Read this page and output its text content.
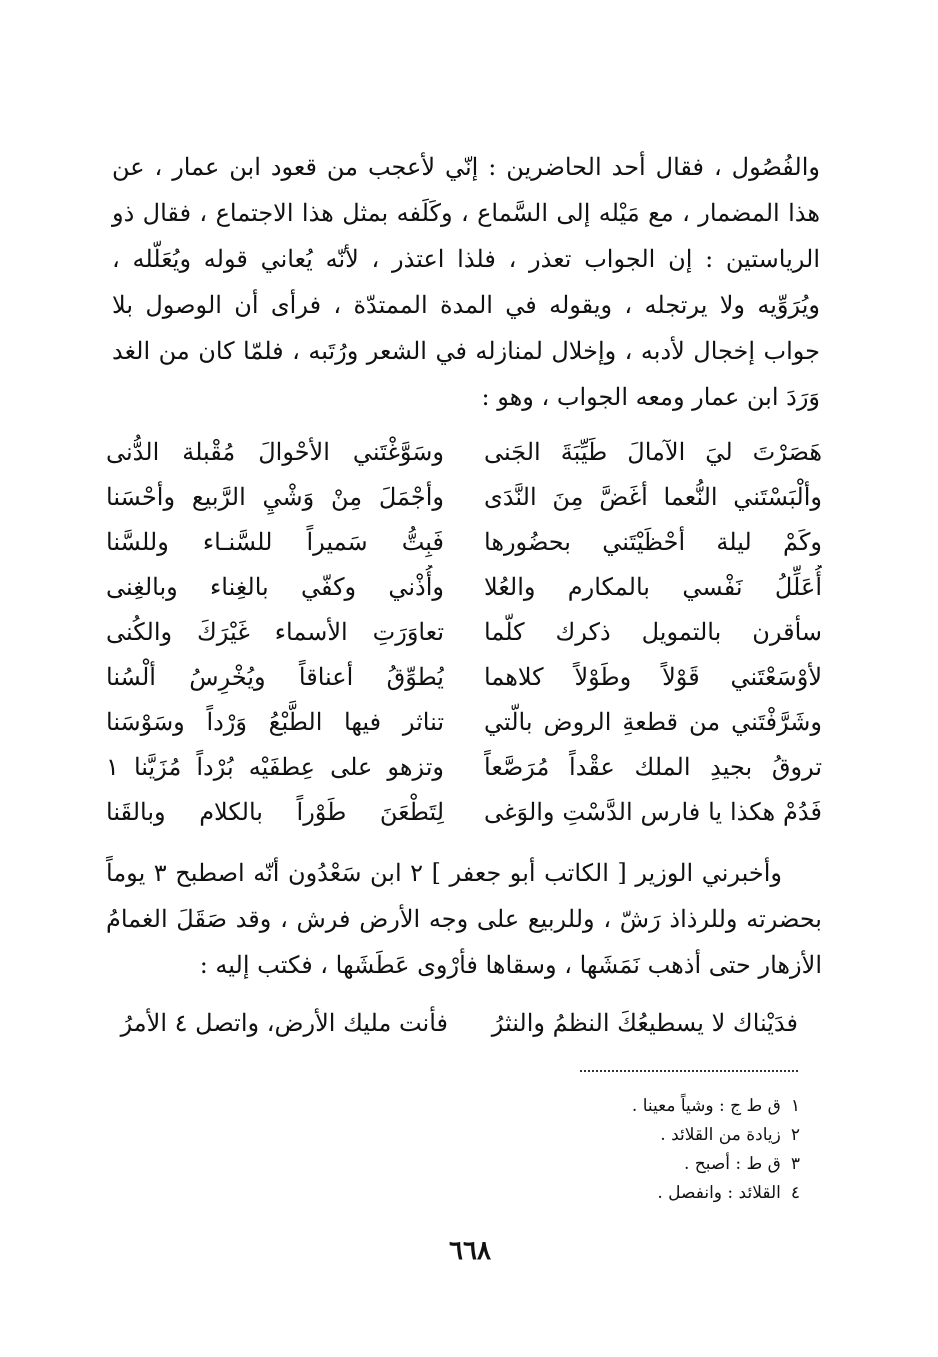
والفُصُول ، فقال أحد الحاضرين : إنّي لأعجب من قعود ابن عمار ، عن هذا المضمار ، مع مَيْله إلى السَّماع ، وكَلَفه بمثل هذا الاجتماع ، فقال ذو الرياستين : إن الجواب تعذر ، فلذا اعتذر ، لأنّه يُعاني قوله ويُعَلّله ، ويُرَوِّيه ولا يرتجله ، ويقوله في المدة الممتدّة ، فرأى أن الوصول بلا جواب إخجال لأدبه ، وإخلال لمنازله في الشعر ورُتَبه ، فلمّا كان من الغد وَرَدَ ابن عمار ومعه الجواب ، وهو :

هَصَرْتَ ليَ الآمالَ طَيِّبَةَ الجَنى
وسَوَّغْتَني الأحْوالَ مُقْبلة الدُّنى
وألْبَسْتَني النُّعما أغَضَّ مِنَ النَّدَى
وأجْمَلَ مِنْ وَشْيِ الرَّبيع وأحْسَنا
وكَمْ ليلة أحْظَيْتَني بحضُورها
فَبِتُّ سَميراً للسَّنـاء وللسَّنا
أُعَلِّلُ نَفْسي بالمكارم والعُلا
وأُذْني وكفّي بالغِناء وبالغِنى
سأقرن بالتمويل ذكرك كلّما
تعاوَرَتِ الأسماء غَيْرَكَ والكُنى
لأوْسَعْتَني قَوْلاً وطَوْلاً كلاهما
يُطوِّقُ أعناقاً ويُخْرِسُ ألْسُنا
وشَرَّفْتَني من قطعةِ الروض بالّتي
تناثر فيها الطَّبْعُ وَرْداً وسَوْسَنا
تروقُ بجيدِ الملك عقْداً مُرَصَّعاً
وتزهو على عِطفَيْه بُرْداً مُزَيَّنا ١
فَدُمْ هكذا يا فارس الدَّسْتِ والوَغى
لِتَطْعَنَ طَوْراً بالكلام وبالقَنا

وأخبرني الوزير [ الكاتب أبو جعفر ] ٢ ابن سَعْدُون أنّه اصطبح ٣ يوماً بحضرته وللرذاذ رَشّ ، وللربيع على وجه الأرض فرش ، وقد صَقَلَ الغمامُ الأزهار حتى أذهب نَمَشَها ، وسقاها فأرْوى عَطَشَها ، فكتب إليه :

فدَيْناك لا يسطيعُكَ النظمُ والنثرُ
فأنت مليك الأرض، واتصل ٤ الأمرُ
١ق ط ج : وشياً معينا .
٢زيادة من القلائد .
٣ق ط : أصبح .
٤القلائد : وانفصل .
٦٦٨
